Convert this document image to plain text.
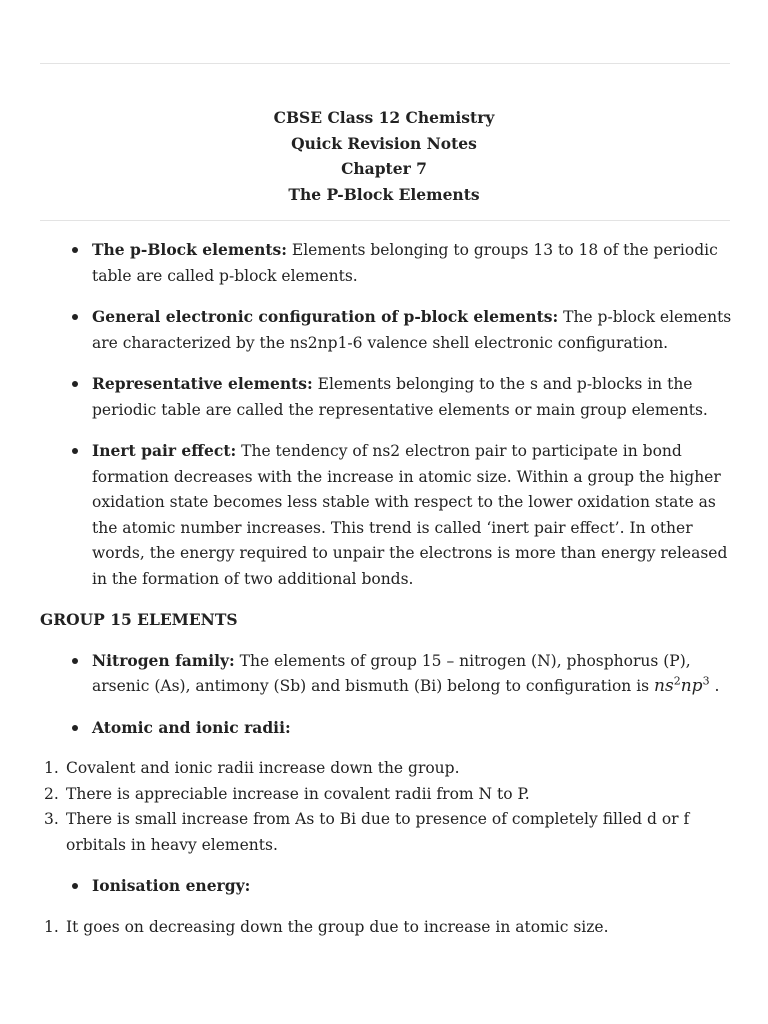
CBSE Class 12 Chemistry
Quick Revision Notes
Chapter 7
The P-Block Elements
The p-Block elements: Elements belonging to groups 13 to 18 of the periodic table are called p-block elements.
General electronic configuration of p-block elements: The p-block elements are characterized by the ns2np1-6 valence shell electronic configuration.
Representative elements: Elements belonging to the s and p-blocks in the periodic table are called the representative elements or main group elements.
Inert pair effect: The tendency of ns2 electron pair to participate in bond formation decreases with the increase in atomic size. Within a group the higher oxidation state becomes less stable with respect to the lower oxidation state as the atomic number increases. This trend is called ‘inert pair effect’. In other words, the energy required to unpair the electrons is more than energy released in the formation of two additional bonds.
GROUP 15 ELEMENTS
Nitrogen family: The elements of group 15 – nitrogen (N), phosphorus (P), arsenic (As), antimony (Sb) and bismuth (Bi) belong to configuration is $ns^2np^3$ .
Atomic and ionic radii:
1. Covalent and ionic radii increase down the group.
2. There is appreciable increase in covalent radii from N to P.
3. There is small increase from As to Bi due to presence of completely filled d or f orbitals in heavy elements.
Ionisation energy:
1. It goes on decreasing down the group due to increase in atomic size.
